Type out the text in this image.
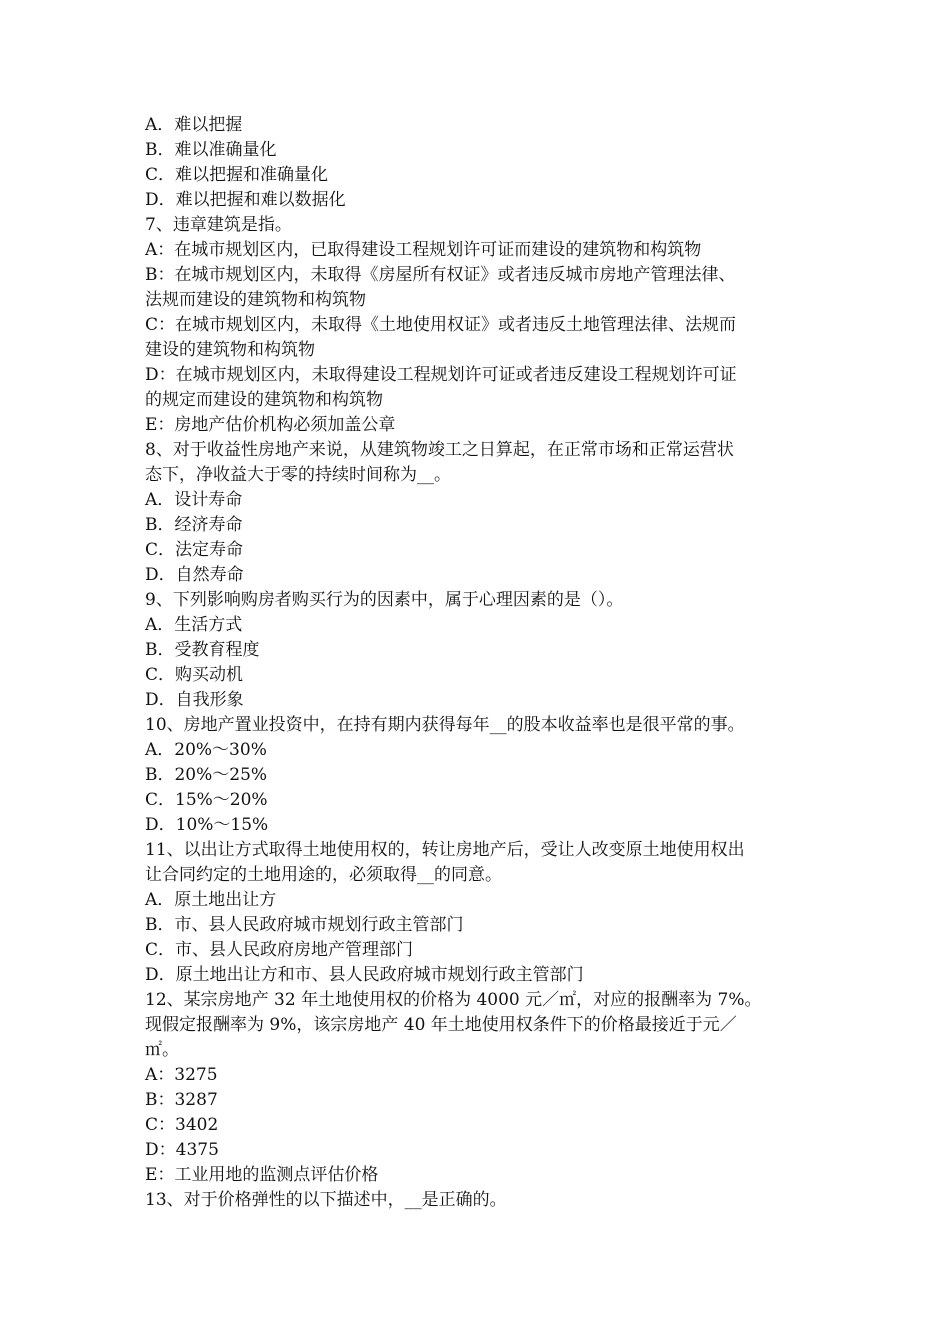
A．难以把握

B．难以准确量化

C．难以把握和准确量化

D．难以把握和难以数据化

7、违章建筑是指。

A：在城市规划区内，已取得建设工程规划许可证而建设的建筑物和构筑物

B：在城市规划区内，未取得《房屋所有权证》或者违反城市房地产管理法律、

法规而建设的建筑物和构筑物

C：在城市规划区内，未取得《土地使用权证》或者违反土地管理法律、法规而

建设的建筑物和构筑物

D：在城市规划区内，未取得建设工程规划许可证或者违反建设工程规划许可证

的规定而建设的建筑物和构筑物

E：房地产估价机构必须加盖公章

8、对于收益性房地产来说，从建筑物竣工之日算起，在正常市场和正常运营状

态下，净收益大于零的持续时间称为__。

A．设计寿命

B．经济寿命

C．法定寿命

D．自然寿命

9、下列影响购房者购买行为的因素中，属于心理因素的是（）。

A．生活方式

B．受教育程度

C．购买动机

D．自我形象

10、房地产置业投资中，在持有期内获得每年__的股本收益率也是很平常的事。

A．20%～30%

B．20%～25%

C．15%～20%

D．10%～15%

11、以出让方式取得土地使用权的，转让房地产后，受让人改变原土地使用权出

让合同约定的土地用途的，必须取得__的同意。

A．原土地出让方

B．市、县人民政府城市规划行政主管部门

C．市、县人民政府房地产管理部门

D．原土地出让方和市、县人民政府城市规划行政主管部门

12、某宗房地产 32 年土地使用权的价格为 4000 元／㎡，对应的报酬率为 7%。

现假定报酬率为 9%，该宗房地产 40 年土地使用权条件下的价格最接近于元／

㎡。

A：3275

B：3287

C：3402

D：4375

E：工业用地的监测点评估价格

13、对于价格弹性的以下描述中，__是正确的。
